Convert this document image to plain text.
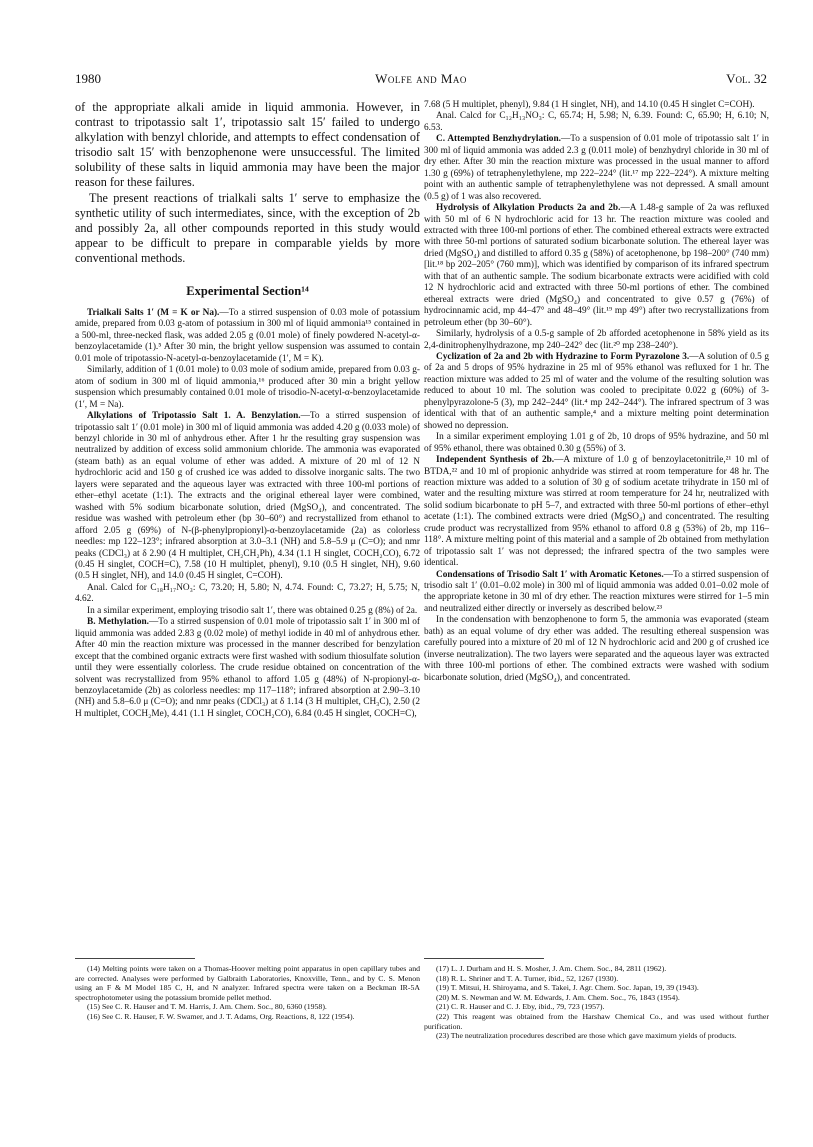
1980	Wolfe and Mao	Vol. 32

of the appropriate alkali amide in liquid ammonia. However, in contrast to tripotassio salt 1′, tripotassio salt 15′ failed to undergo alkylation with benzyl chloride, and attempts to effect condensation of trisodio salt 15′ with benzophenone were unsuccessful. The limited solubility of these salts in liquid ammonia may have been the major reason for these failures.

The present reactions of trialkali salts 1′ serve to emphasize the synthetic utility of such intermediates, since, with the exception of 2b and possibly 2a, all other compounds reported in this study would appear to be difficult to prepare in comparable yields by more conventional methods.

Experimental Section¹⁴

Trialkali Salts 1′ (M = K or Na).—To a stirred suspension of 0.03 mole of potassium amide, prepared from 0.03 g-atom of potassium in 300 ml of liquid ammonia¹⁵ contained in a 500-ml, three-necked flask, was added 2.05 g (0.01 mole) of finely powdered N-acetyl-α-benzoylacetamide (1).⁵ After 30 min, the bright yellow suspension was assumed to contain 0.01 mole of tripotassio-N-acetyl-α-benzoylacetamide (1′, M = K).

Similarly, addition of 1 (0.01 mole) to 0.03 mole of sodium amide, prepared from 0.03 g-atom of sodium in 300 ml of liquid ammonia,¹⁶ produced after 30 min a bright yellow suspension which presumably contained 0.01 mole of trisodio-N-acetyl-α-benzoylacetamide (1′, M = Na).

Alkylations of Tripotassio Salt 1. A. Benzylation.—To a stirred suspension of tripotassio salt 1′ (0.01 mole) in 300 ml of liquid ammonia was added 4.20 g (0.033 mole) of benzyl chloride in 30 ml of anhydrous ether. After 1 hr the resulting gray suspension was neutralized by addition of excess solid ammonium chloride. The ammonia was evaporated (steam bath) as an equal volume of ether was added. A mixture of 20 ml of 12 N hydrochloric acid and 150 g of crushed ice was added to dissolve inorganic salts. The two layers were separated and the aqueous layer was extracted with three 100-ml portions of ether–ethyl acetate (1:1). The extracts and the original ethereal layer were combined, washed with 5% sodium bicarbonate solution, dried (MgSO₄), and concentrated. The residue was washed with petroleum ether (bp 30–60°) and recrystallized from ethanol to afford 2.05 g (69%) of N-(β-phenylpropionyl)-α-benzoylacetamide (2a) as colorless needles: mp 122–123°; infrared absorption at 3.0–3.1 (NH) and 5.8–5.9 μ (C=O); and nmr peaks (CDCl₃) at δ 2.90 (4 H multiplet, CH₂CH₂Ph), 4.34 (1.1 H singlet, COCH₂CO), 6.72 (0.45 H singlet, COCH=C), 7.58 (10 H multiplet, phenyl), 9.10 (0.5 H singlet, NH), 9.60 (0.5 H singlet, NH), and 14.0 (0.45 H singlet, C=COH).

Anal. Calcd for C₁₈H₁₇NO₃: C, 73.20; H, 5.80; N, 4.74. Found: C, 73.27; H, 5.75; N, 4.62.

In a similar experiment, employing trisodio salt 1′, there was obtained 0.25 g (8%) of 2a.

B. Methylation.—To a stirred suspension of 0.01 mole of tripotassio salt 1′ in 300 ml of liquid ammonia was added 2.83 g (0.02 mole) of methyl iodide in 40 ml of anhydrous ether. After 40 min the reaction mixture was processed in the manner described for benzylation except that the combined organic extracts were first washed with sodium thiosulfate solution until they were essentially colorless. The crude residue obtained on concentration of the solvent was recrystallized from 95% ethanol to afford 1.05 g (48%) of N-propionyl-α-benzoylacetamide (2b) as colorless needles: mp 117–118°; infrared absorption at 2.90–3.10 (NH) and 5.8–6.0 μ (C=O); and nmr peaks (CDCl₃) at δ 1.14 (3 H multiplet, CH₃C), 2.50 (2 H multiplet, COCH₂Me), 4.41 (1.1 H singlet, COCH₂CO), 6.84 (0.45 H singlet, COCH=C),

7.68 (5 H multiplet, phenyl), 9.84 (1 H singlet, NH), and 14.10 (0.45 H singlet C=COH).

Anal. Calcd for C₁₂H₁₃NO₃: C, 65.74; H, 5.98; N, 6.39. Found: C, 65.90; H, 6.10; N, 6.53.

C. Attempted Benzhydrylation.—To a suspension of 0.01 mole of tripotassio salt 1′ in 300 ml of liquid ammonia was added 2.3 g (0.011 mole) of benzhydryl chloride in 30 ml of dry ether. After 30 min the reaction mixture was processed in the usual manner to afford 1.30 g (69%) of tetraphenylethylene, mp 222–224° (lit.¹⁷ mp 222–224°). A mixture melting point with an authentic sample of tetraphenylethylene was not depressed. A small amount (0.5 g) of 1 was also recovered.

Hydrolysis of Alkylation Products 2a and 2b.—A 1.48-g sample of 2a was refluxed with 50 ml of 6 N hydrochloric acid for 13 hr. The reaction mixture was cooled and extracted with three 100-ml portions of ether. The combined ethereal extracts were extracted with three 50-ml portions of saturated sodium bicarbonate solution. The ethereal layer was dried (MgSO₄) and distilled to afford 0.35 g (58%) of acetophenone, bp 198–200° (740 mm) [lit.¹⁸ bp 202–205° (760 mm)], which was identified by comparison of its infrared spectrum with that of an authentic sample. The sodium bicarbonate extracts were acidified with cold 12 N hydrochloric acid and extracted with three 50-ml portions of ether. The combined ethereal extracts were dried (MgSO₄) and concentrated to give 0.57 g (76%) of hydrocinnamic acid, mp 44–47° and 48–49° (lit.¹⁹ mp 49°) after two recrystallizations from petroleum ether (bp 30–60°).

Similarly, hydrolysis of a 0.5-g sample of 2b afforded acetophenone in 58% yield as its 2,4-dinitrophenylhydrazone, mp 240–242° dec (lit.²⁰ mp 238–240°).

Cyclization of 2a and 2b with Hydrazine to Form Pyrazolone 3.—A solution of 0.5 g of 2a and 5 drops of 95% hydrazine in 25 ml of 95% ethanol was refluxed for 1 hr. The reaction mixture was added to 25 ml of water and the volume of the resulting solution was reduced to about 10 ml. The solution was cooled to precipitate 0.022 g (60%) of 3-phenylpyrazolone-5 (3), mp 242–244° (lit.⁴ mp 242–244°). The infrared spectrum of 3 was identical with that of an authentic sample,⁴ and a mixture melting point determination showed no depression.

In a similar experiment employing 1.01 g of 2b, 10 drops of 95% hydrazine, and 50 ml of 95% ethanol, there was obtained 0.30 g (55%) of 3.

Independent Synthesis of 2b.—A mixture of 1.0 g of benzoylacetonitrile,²¹ 10 ml of BTDA,²² and 10 ml of propionic anhydride was stirred at room temperature for 48 hr. The reaction mixture was added to a solution of 30 g of sodium acetate trihydrate in 150 ml of water and the resulting mixture was stirred at room temperature for 24 hr, neutralized with solid sodium bicarbonate to pH 5–7, and extracted with three 50-ml portions of ether–ethyl acetate (1:1). The combined extracts were dried (MgSO₄) and concentrated. The resulting crude product was recrystallized from 95% ethanol to afford 0.8 g (53%) of 2b, mp 116–118°. A mixture melting point of this material and a sample of 2b obtained from methylation of tripotassio salt 1′ was not depressed; the infrared spectra of the two samples were identical.

Condensations of Trisodio Salt 1′ with Aromatic Ketones.—To a stirred suspension of trisodio salt 1′ (0.01–0.02 mole) in 300 ml of liquid ammonia was added 0.01–0.02 mole of the appropriate ketone in 30 ml of dry ether. The reaction mixtures were stirred for 1–5 min and neutralized either directly or inversely as described below.²³

In the condensation with benzophenone to form 5, the ammonia was evaporated (steam bath) as an equal volume of dry ether was added. The resulting ethereal suspension was carefully poured into a mixture of 20 ml of 12 N hydrochloric acid and 200 g of crushed ice (inverse neutralization). The two layers were separated and the aqueous layer was extracted with three 100-ml portions of ether. The combined extracts were washed with sodium bicarbonate solution, dried (MgSO₄), and concentrated.

(14) Melting points were taken on a Thomas-Hoover melting point apparatus in open capillary tubes and are corrected. Analyses were performed by Galbraith Laboratories, Knoxville, Tenn., and by C. S. Menon using an F & M Model 185 C, H, and N analyzer. Infrared spectra were taken on a Beckman IR-5A spectrophotometer using the potassium bromide pellet method.

(15) See C. R. Hauser and T. M. Harris, J. Am. Chem. Soc., 80, 6360 (1958).

(16) See C. R. Hauser, F. W. Swamer, and J. T. Adams, Org. Reactions, 8, 122 (1954).

(17) L. J. Durham and H. S. Mosher, J. Am. Chem. Soc., 84, 2811 (1962).

(18) R. L. Shriner and T. A. Turner, ibid., 52, 1267 (1930).

(19) T. Mitsui, H. Shiroyama, and S. Takei, J. Agr. Chem. Soc. Japan, 19, 39 (1943).

(20) M. S. Newman and W. M. Edwards, J. Am. Chem. Soc., 76, 1843 (1954).

(21) C. R. Hauser and C. J. Eby, ibid., 79, 723 (1957).

(22) This reagent was obtained from the Harshaw Chemical Co., and was used without further purification.

(23) The neutralization procedures described are those which gave maximum yields of products.
